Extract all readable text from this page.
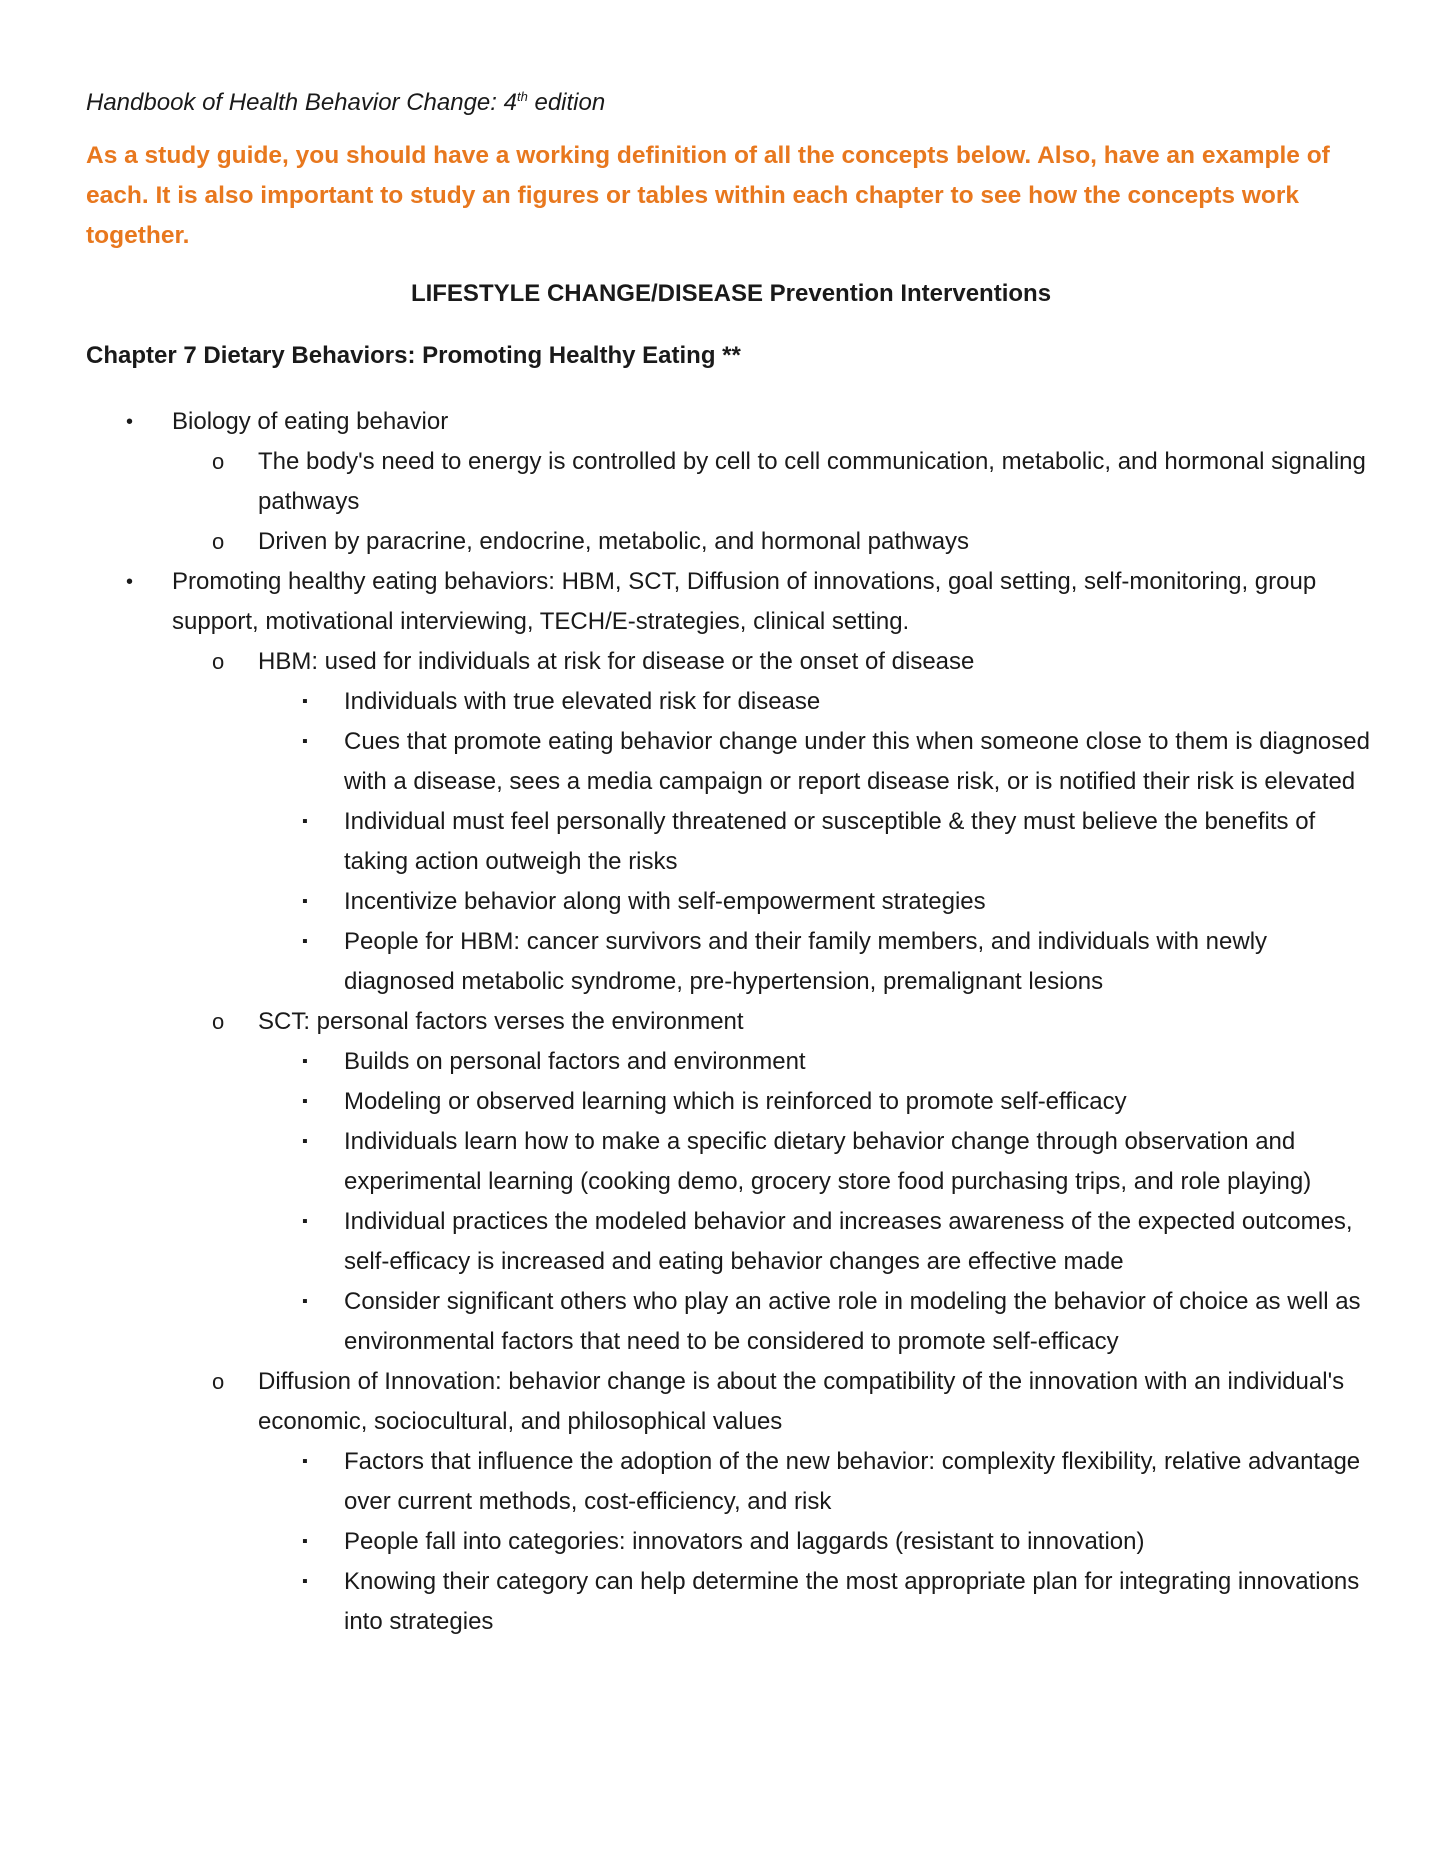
Handbook of Health Behavior Change: 4th edition

As a study guide, you should have a working definition of all the concepts below. Also, have an example of each. It is also important to study an figures or tables within each chapter to see how the concepts work together.

LIFESTYLE CHANGE/DISEASE Prevention Interventions

Chapter 7 Dietary Behaviors: Promoting Healthy Eating **

• Biology of eating behavior
o The body's need to energy is controlled by cell to cell communication, metabolic, and hormonal signaling pathways
o Driven by paracrine, endocrine, metabolic, and hormonal pathways
• Promoting healthy eating behaviors: HBM, SCT, Diffusion of innovations, goal setting, self-monitoring, group support, motivational interviewing, TECH/E-strategies, clinical setting.
o HBM: used for individuals at risk for disease or the onset of disease
▪ Individuals with true elevated risk for disease
▪ Cues that promote eating behavior change under this when someone close to them is diagnosed with a disease, sees a media campaign or report disease risk, or is notified their risk is elevated
▪ Individual must feel personally threatened or susceptible & they must believe the benefits of taking action outweigh the risks
▪ Incentivize behavior along with self-empowerment strategies
▪ People for HBM: cancer survivors and their family members, and individuals with newly diagnosed metabolic syndrome, pre-hypertension, premalignant lesions
o SCT: personal factors verses the environment
▪ Builds on personal factors and environment
▪ Modeling or observed learning which is reinforced to promote self-efficacy
▪ Individuals learn how to make a specific dietary behavior change through observation and experimental learning (cooking demo, grocery store food purchasing trips, and role playing)
▪ Individual practices the modeled behavior and increases awareness of the expected outcomes, self-efficacy is increased and eating behavior changes are effective made
▪ Consider significant others who play an active role in modeling the behavior of choice as well as environmental factors that need to be considered to promote self-efficacy
o Diffusion of Innovation: behavior change is about the compatibility of the innovation with an individual's economic, sociocultural, and philosophical values
▪ Factors that influence the adoption of the new behavior: complexity flexibility, relative advantage over current methods, cost-efficiency, and risk
▪ People fall into categories: innovators and laggards (resistant to innovation)
▪ Knowing their category can help determine the most appropriate plan for integrating innovations into strategies
